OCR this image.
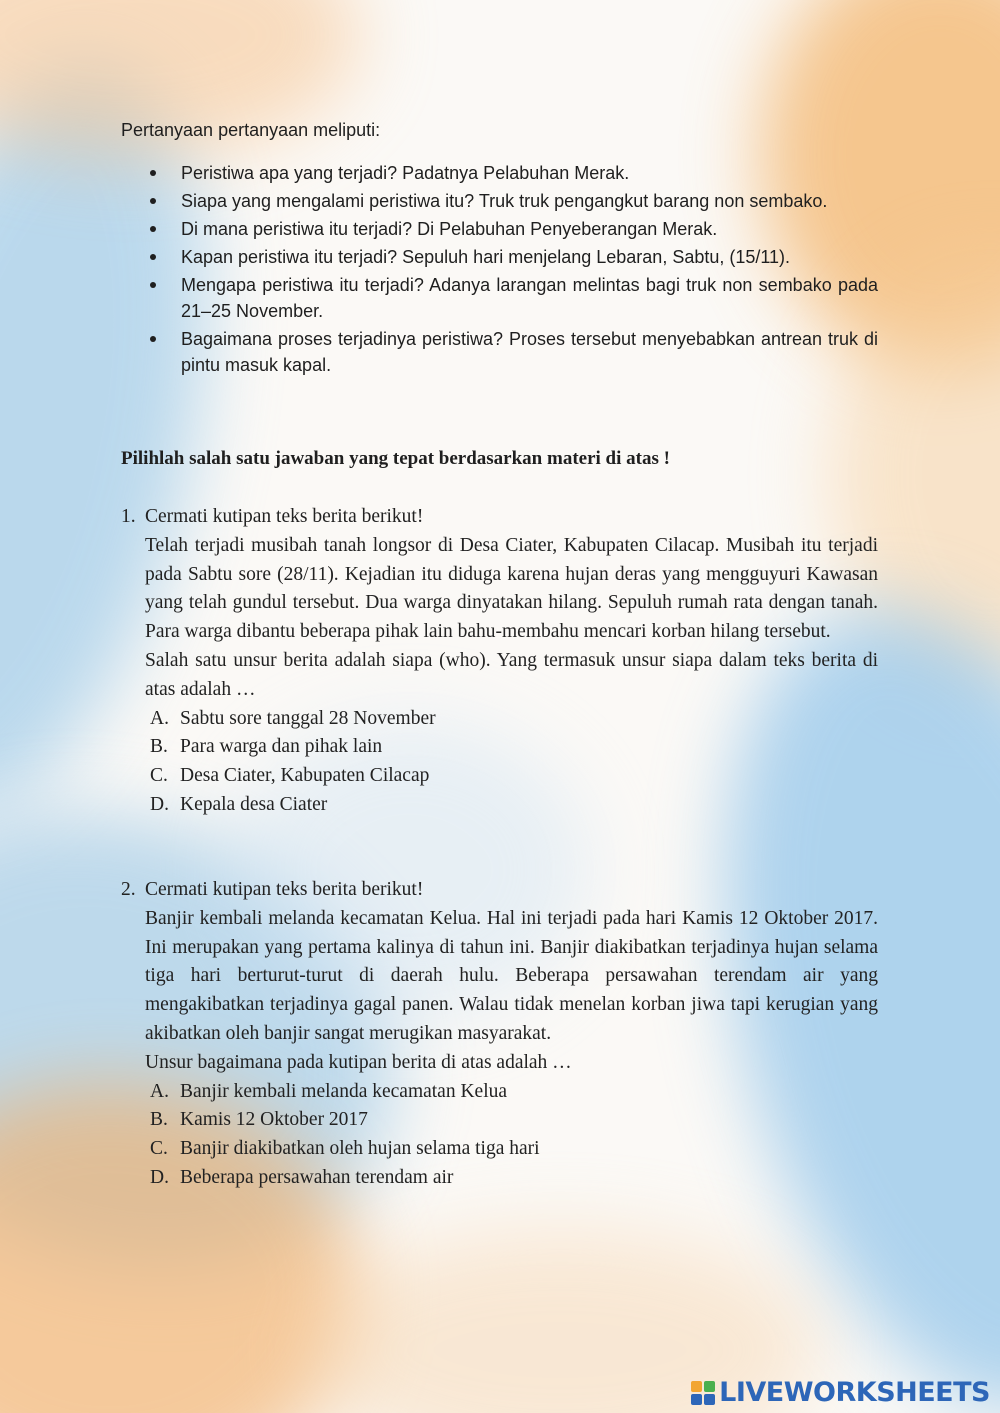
Pertanyaan pertanyaan meliputi:
Peristiwa apa yang terjadi? Padatnya Pelabuhan Merak.
Siapa yang mengalami peristiwa itu? Truk truk pengangkut barang non sembako.
Di mana peristiwa itu terjadi? Di Pelabuhan Penyeberangan Merak.
Kapan peristiwa itu terjadi? Sepuluh hari menjelang Lebaran, Sabtu, (15/11).
Mengapa peristiwa itu terjadi? Adanya larangan melintas bagi truk non sembako pada 21–25 November.
Bagaimana proses terjadinya peristiwa? Proses tersebut menyebabkan antrean truk di pintu masuk kapal.
Pilihlah salah satu jawaban yang tepat berdasarkan materi di atas !
1. Cermati kutipan teks berita berikut!
Telah terjadi musibah tanah longsor di Desa Ciater, Kabupaten Cilacap. Musibah itu terjadi pada Sabtu sore (28/11). Kejadian itu diduga karena hujan deras yang mengguyuri Kawasan yang telah gundul tersebut. Dua warga dinyatakan hilang. Sepuluh rumah rata dengan tanah. Para warga dibantu beberapa pihak lain bahu-membahu mencari korban hilang tersebut.
Salah satu unsur berita adalah siapa (who). Yang termasuk unsur siapa dalam teks berita di atas adalah …
A. Sabtu sore tanggal 28 November
B. Para warga dan pihak lain
C. Desa Ciater, Kabupaten Cilacap
D. Kepala desa Ciater
2. Cermati kutipan teks berita berikut!
Banjir kembali melanda kecamatan Kelua. Hal ini terjadi pada hari Kamis 12 Oktober 2017. Ini merupakan yang pertama kalinya di tahun ini. Banjir diakibatkan terjadinya hujan selama tiga hari berturut-turut di daerah hulu. Beberapa persawahan terendam air yang mengakibatkan terjadinya gagal panen. Walau tidak menelan korban jiwa tapi kerugian yang akibatkan oleh banjir sangat merugikan masyarakat.
Unsur bagaimana pada kutipan berita di atas adalah …
A. Banjir kembali melanda kecamatan Kelua
B. Kamis 12 Oktober 2017
C. Banjir diakibatkan oleh hujan selama tiga hari
D. Beberapa persawahan terendam air
LIVEWORKSHEETS
